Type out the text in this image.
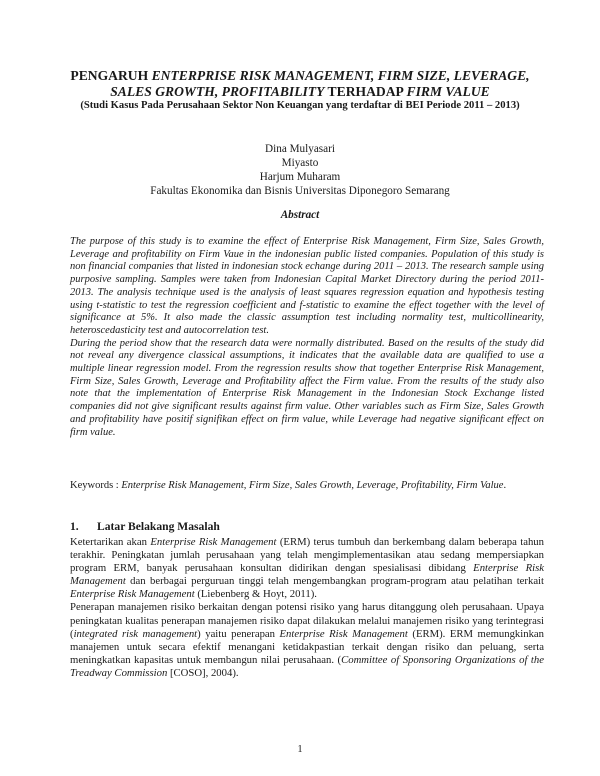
PENGARUH ENTERPRISE RISK MANAGEMENT, FIRM SIZE, LEVERAGE, SALES GROWTH, PROFITABILITY TERHADAP FIRM VALUE
(Studi Kasus Pada Perusahaan Sektor Non Keuangan yang terdaftar di BEI Periode 2011 – 2013)
Dina Mulyasari
Miyasto
Harjum Muharam
Fakultas Ekonomika dan Bisnis Universitas Diponegoro Semarang
Abstract

The purpose of this study is to examine the effect of Enterprise Risk Management, Firm Size, Sales Growth, Leverage and profitability on Firm Vaue in the indonesian public listed companies. Population of this study is non financial companies that listed in indonesian stock echange during 2011 – 2013. The research sample using purposive sampling. Samples were taken from Indonesian Capital Market Directory during the period 2011-2013. The analysis technique used is the analysis of least squares regression equation and hypothesis testing using t-statistic to test the regression coefficient and f-statistic to examine the effect together with the level of significance at 5%. It also made the classic assumption test including normality test, multicollinearity, heteroscedasticity test and autocorrelation test.

During the period show that the research data were normally distributed. Based on the results of the study did not reveal any divergence classical assumptions, it indicates that the available data are qualified to use a multiple linear regression model. From the regression results show that together Enterprise Risk Management, Firm Size, Sales Growth, Leverage and Profitability affect the Firm value. From the results of the study also note that the implementation of Enterprise Risk Management in the Indonesian Stock Exchange listed companies did not give significant results against firm value. Other variables such as Firm Size, Sales Growth and profitability have positif signifikan effect on firm value, while Leverage had negative significant effect on firm value.

Keywords : Enterprise Risk Management, Firm Size, Sales Growth, Leverage, Profitability, Firm Value.
1. Latar Belakang Masalah

Ketertarikan akan Enterprise Risk Management (ERM) terus tumbuh dan berkembang dalam beberapa tahun terakhir. Peningkatan jumlah perusahaan yang telah mengimplementasikan atau sedang mempersiapkan program ERM, banyak perusahaan konsultan didirikan dengan spesialisasi dibidang Enterprise Risk Management dan berbagai perguruan tinggi telah mengembangkan program-program atau pelatihan terkait Enterprise Risk Management (Liebenberg & Hoyt, 2011).

Penerapan manajemen risiko berkaitan dengan potensi risiko yang harus ditanggung oleh perusahaan. Upaya peningkatan kualitas penerapan manajemen risiko dapat dilakukan melalui manajemen risiko yang terintegrasi (integrated risk management) yaitu penerapan Enterprise Risk Management (ERM). ERM memungkinkan manajemen untuk secara efektif menangani ketidakpastian terkait dengan risiko dan peluang, serta meningkatkan kapasitas untuk membangun nilai perusahaan. (Committee of Sponsoring Organizations of the Treadway Commission [COSO], 2004).

1
